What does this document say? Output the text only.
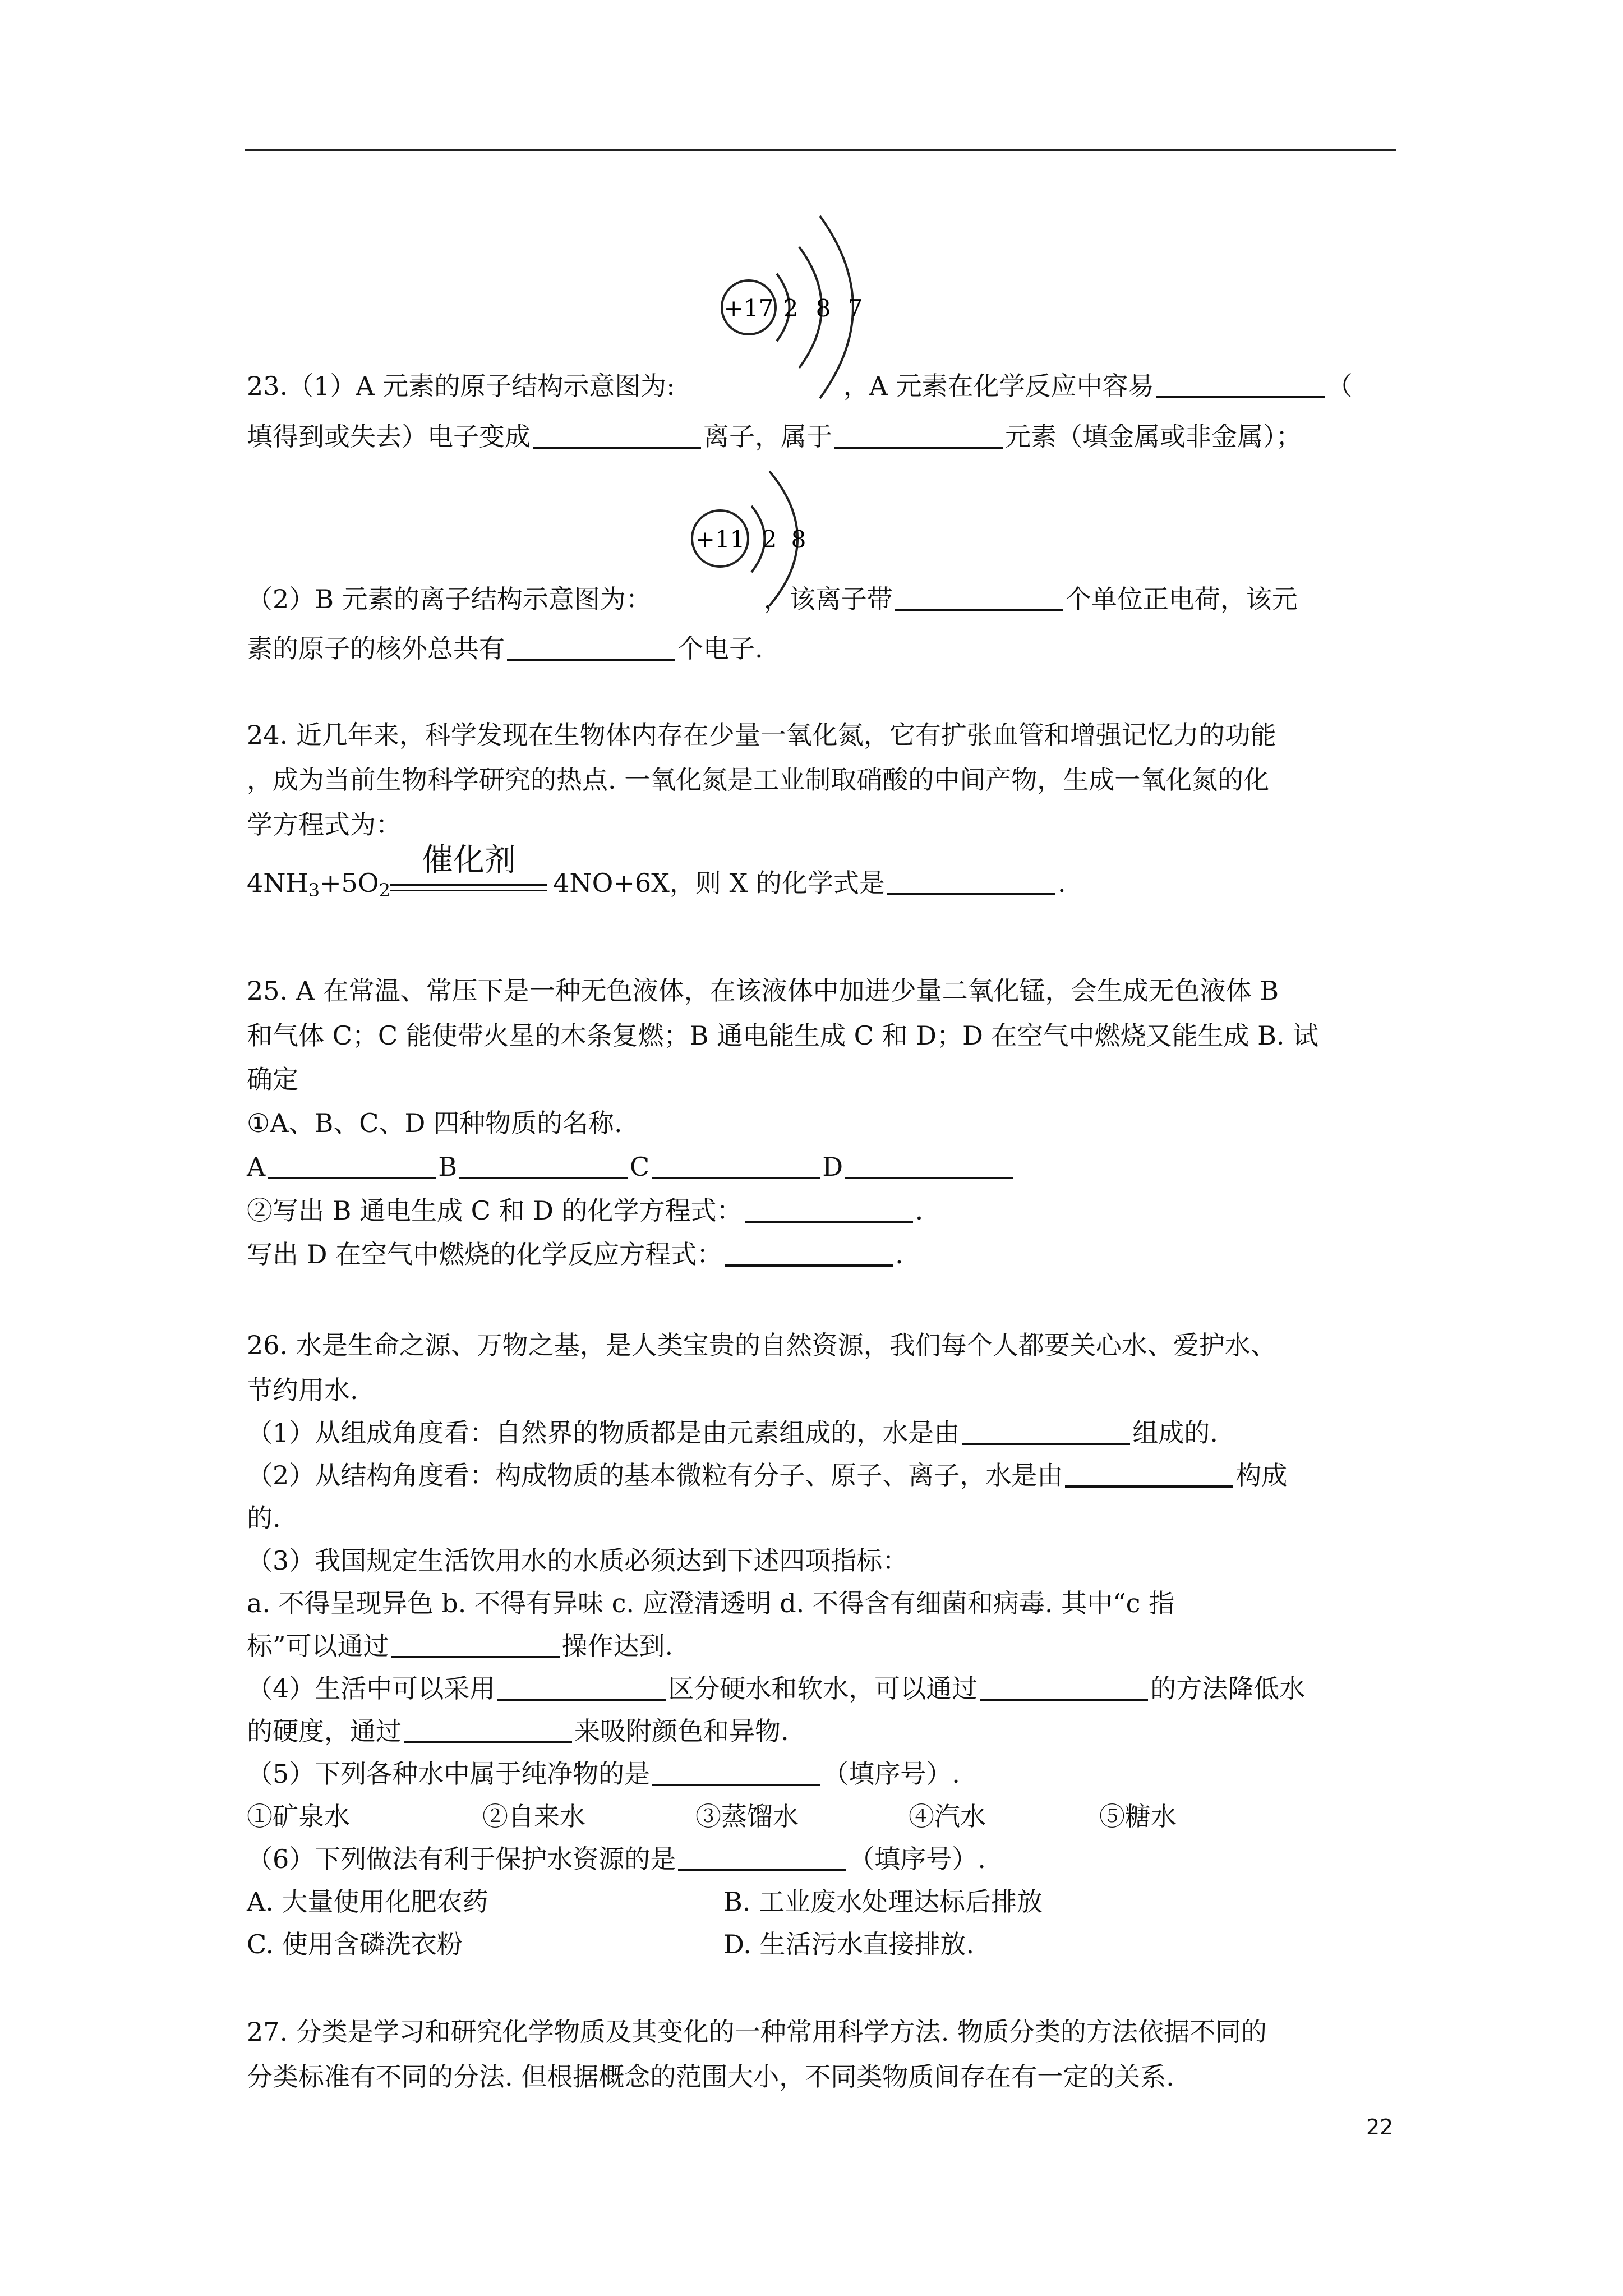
+17 2 8 7
+11 2 8
23.（1）A 元素的原子结构示意图为:	，A 元素在化学反应中容易	（
填得到或失去）电子变成	离子，属于	元素（填金属或非金属）；
（2）B 元素的离子结构示意图为：	，该离子带	个单位正电荷，该元
素的原子的核外总共有	个电子.
24. 近几年来，科学发现在生物体内存在少量一氧化氮，它有扩张血管和增强记忆力的功能
，成为当前生物科学研究的热点. 一氧化氮是工业制取硝酸的中间产物，生成一氧化氮的化
学方程式为：
$4NH_3+5O_2$
催化剂
4NO+6X，则 X 的化学式是	.
25. A 在常温、常压下是一种无色液体，在该液体中加进少量二氧化锰，会生成无色液体 B
和气体 C；C 能使带火星的木条复燃；B 通电能生成 C 和 D；D 在空气中燃烧又能生成 B. 试
确定
①A、B、C、D 四种物质的名称.
A	B	C	D
②写出 B 通电生成 C 和 D 的化学方程式：	.
写出 D 在空气中燃烧的化学反应方程式：	.
26. 水是生命之源、万物之基，是人类宝贵的自然资源，我们每个人都要关心水、爱护水、
节约用水.
（1）从组成角度看：自然界的物质都是由元素组成的，水是由	组成的.
（2）从结构角度看：构成物质的基本微粒有分子、原子、离子，水是由	构成
的.
（3）我国规定生活饮用水的水质必须达到下述四项指标：
a. 不得呈现异色 b. 不得有异味 c. 应澄清透明 d. 不得含有细菌和病毒. 其中“c 指
标”可以通过	操作达到.
（4）生活中可以采用	区分硬水和软水，可以通过	的方法降低水
的硬度，通过	来吸附颜色和异物.
（5）下列各种水中属于纯净物的是	（填序号）.
①矿泉水	②自来水	③蒸馏水	④汽水	⑤糖水
（6）下列做法有利于保护水资源的是	（填序号）.
A. 大量使用化肥农药	B. 工业废水处理达标后排放
C. 使用含磷洗衣粉	D. 生活污水直接排放.
27. 分类是学习和研究化学物质及其变化的一种常用科学方法. 物质分类的方法依据不同的
分类标准有不同的分法. 但根据概念的范围大小，不同类物质间存在有一定的关系.
22
